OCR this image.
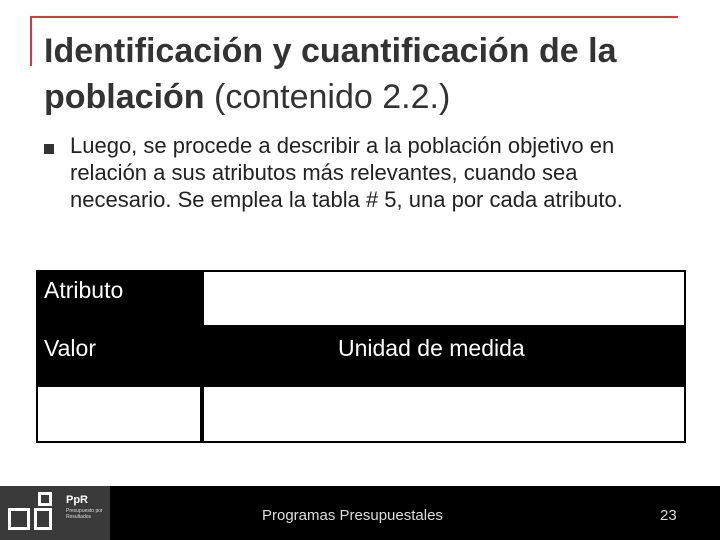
Identificación y cuantificación de la población (contenido 2.2.)
Luego, se procede a describir a la población objetivo en relación a sus atributos más relevantes, cuando sea necesario. Se emplea la tabla # 5, una por cada atributo.
Atributo
Valor	Unidad de medida
PpR
Presupuesto por Resultados	Programas Presupuestales	23
